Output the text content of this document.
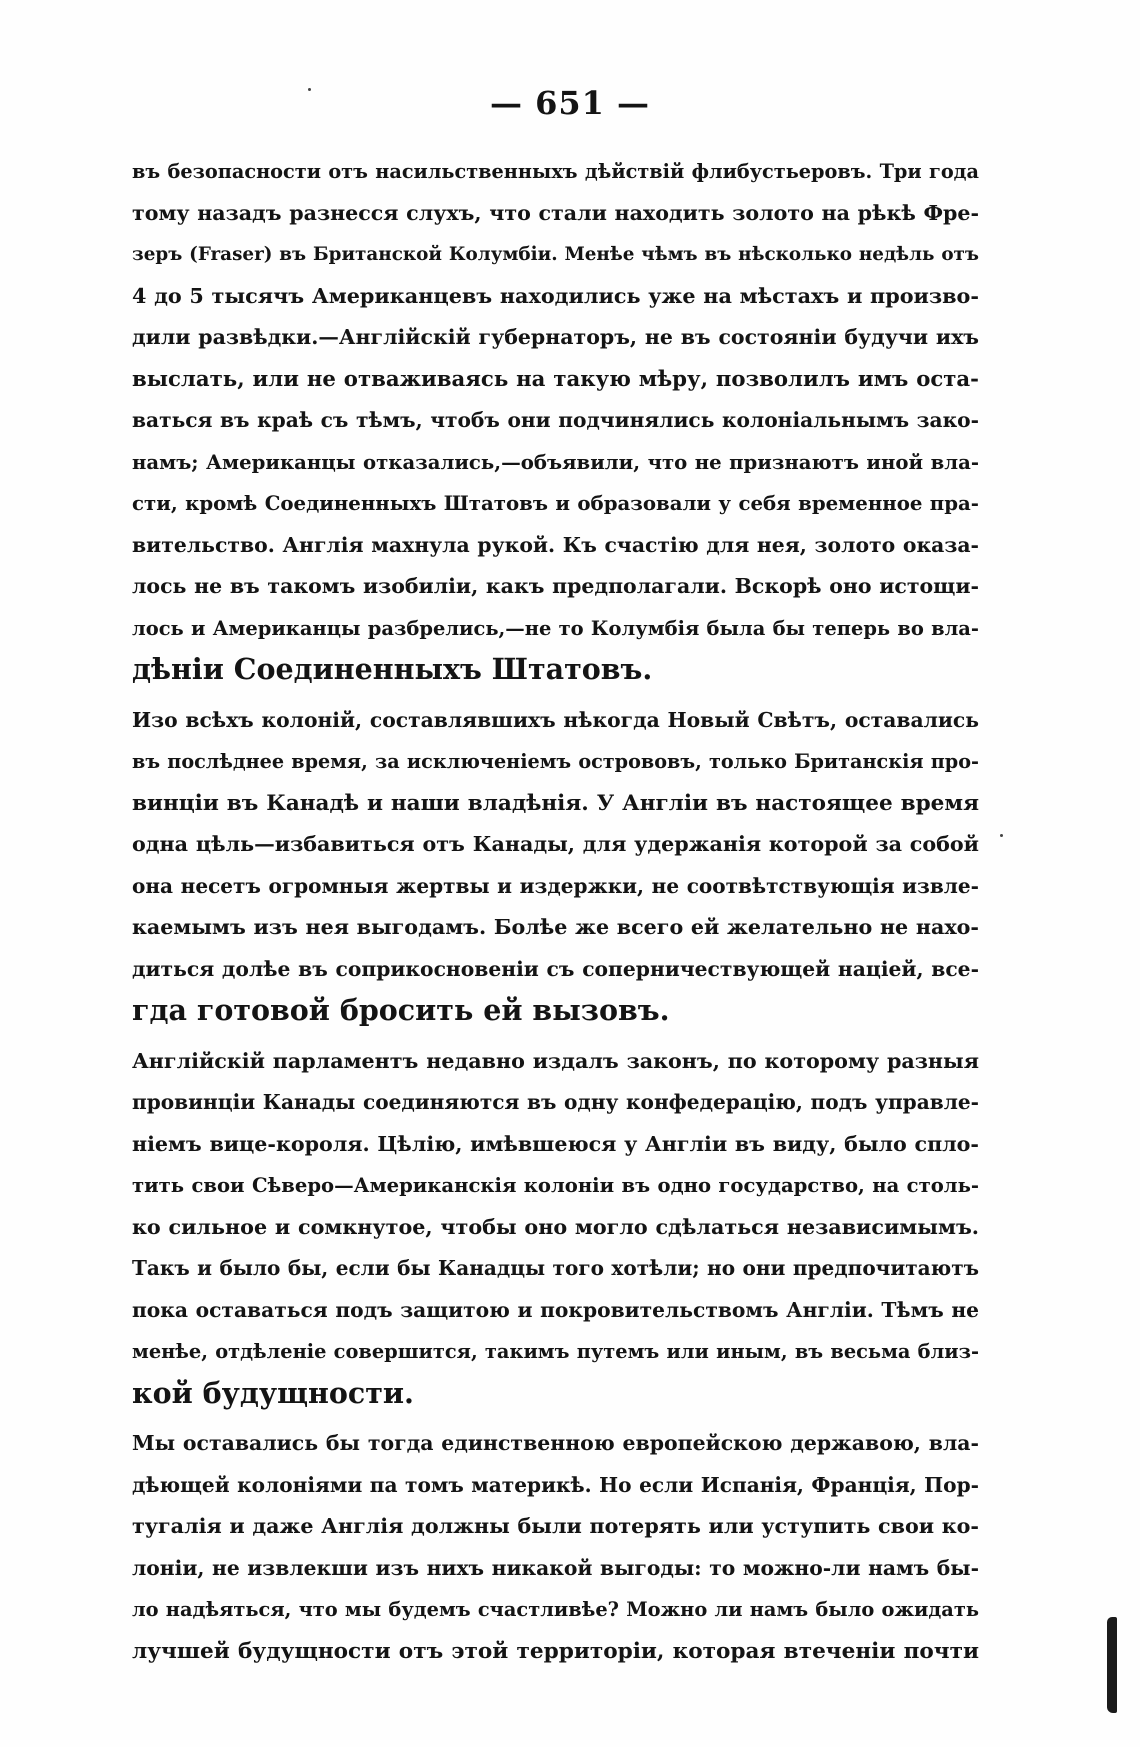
— 651 —

въ безопасности отъ насильственныхъ дѣйствій флибустьеровъ. Три года
тому назадъ разнесся слухъ, что стали находить золото на рѣкѣ Фре-
зеръ (Fraser) въ Британской Колумбіи. Менѣе чѣмъ въ нѣсколько недѣль отъ
4 до 5 тысячъ Американцевъ находились уже на мѣстахъ и произво-
дили развѣдки.—Англійскій губернаторъ, не въ состояніи будучи ихъ
выслать, или не отваживаясь на такую мѣру, позволилъ имъ оста-
ваться въ краѣ съ тѣмъ, чтобъ они подчинялись колоніальнымъ зако-
намъ; Американцы отказались,—объявили, что не признаютъ иной вла-
сти, кромѣ Соединенныхъ Штатовъ и образовали у себя временное пра-
вительство. Англія махнула рукой. Къ счастію для нея, золото оказа-
лось не въ такомъ изобиліи, какъ предполагали. Вскорѣ оно истощи-
лось и Американцы разбрелись,—не то Колумбія была бы теперь во вла-
дѣніи Соединенныхъ Штатовъ.

Изо всѣхъ колоній, составлявшихъ нѣкогда Новый Свѣтъ, оставались
въ послѣднее время, за исключеніемъ острововъ, только Британскія про-
винціи въ Канадѣ и наши владѣнія. У Англіи въ настоящее время
одна цѣль—избавиться отъ Канады, для удержанія которой за собой
она несетъ огромныя жертвы и издержки, не соотвѣтствующія извле-
каемымъ изъ нея выгодамъ. Болѣе же всего ей желательно не нахо-
диться долѣе въ соприкосновеніи съ соперничествующей націей, все-
гда готовой бросить ей вызовъ.

Англійскій парламентъ недавно издалъ законъ, по которому разныя
провинціи Канады соединяются въ одну конфедерацію, подъ управле-
ніемъ вице-короля. Цѣлію, имѣвшеюся у Англіи въ виду, было спло-
тить свои Сѣверо—Американскія колоніи въ одно государство, на столь-
ко сильное и сомкнутое, чтобы оно могло сдѣлаться независимымъ.
Такъ и было бы, если бы Канадцы того хотѣли; но они предпочитаютъ
пока оставаться подъ защитою и покровительствомъ Англіи. Тѣмъ не
менѣе, отдѣленіе совершится, такимъ путемъ или иным, въ весьма близ-
кой будущности.

Мы оставались бы тогда единственною европейскою державою, вла-
дѣющей колоніями па томъ материкѣ. Но если Испанія, Франція, Пор-
тугалія и даже Англія должны были потерять или уступить свои ко-
лоніи, не извлекши изъ нихъ никакой выгоды: то можно-ли намъ бы-
ло надѣяться, что мы будемъ счастливѣе? Можно ли намъ было ожидать
лучшей будущности отъ этой территоріи, которая втеченіи почти
